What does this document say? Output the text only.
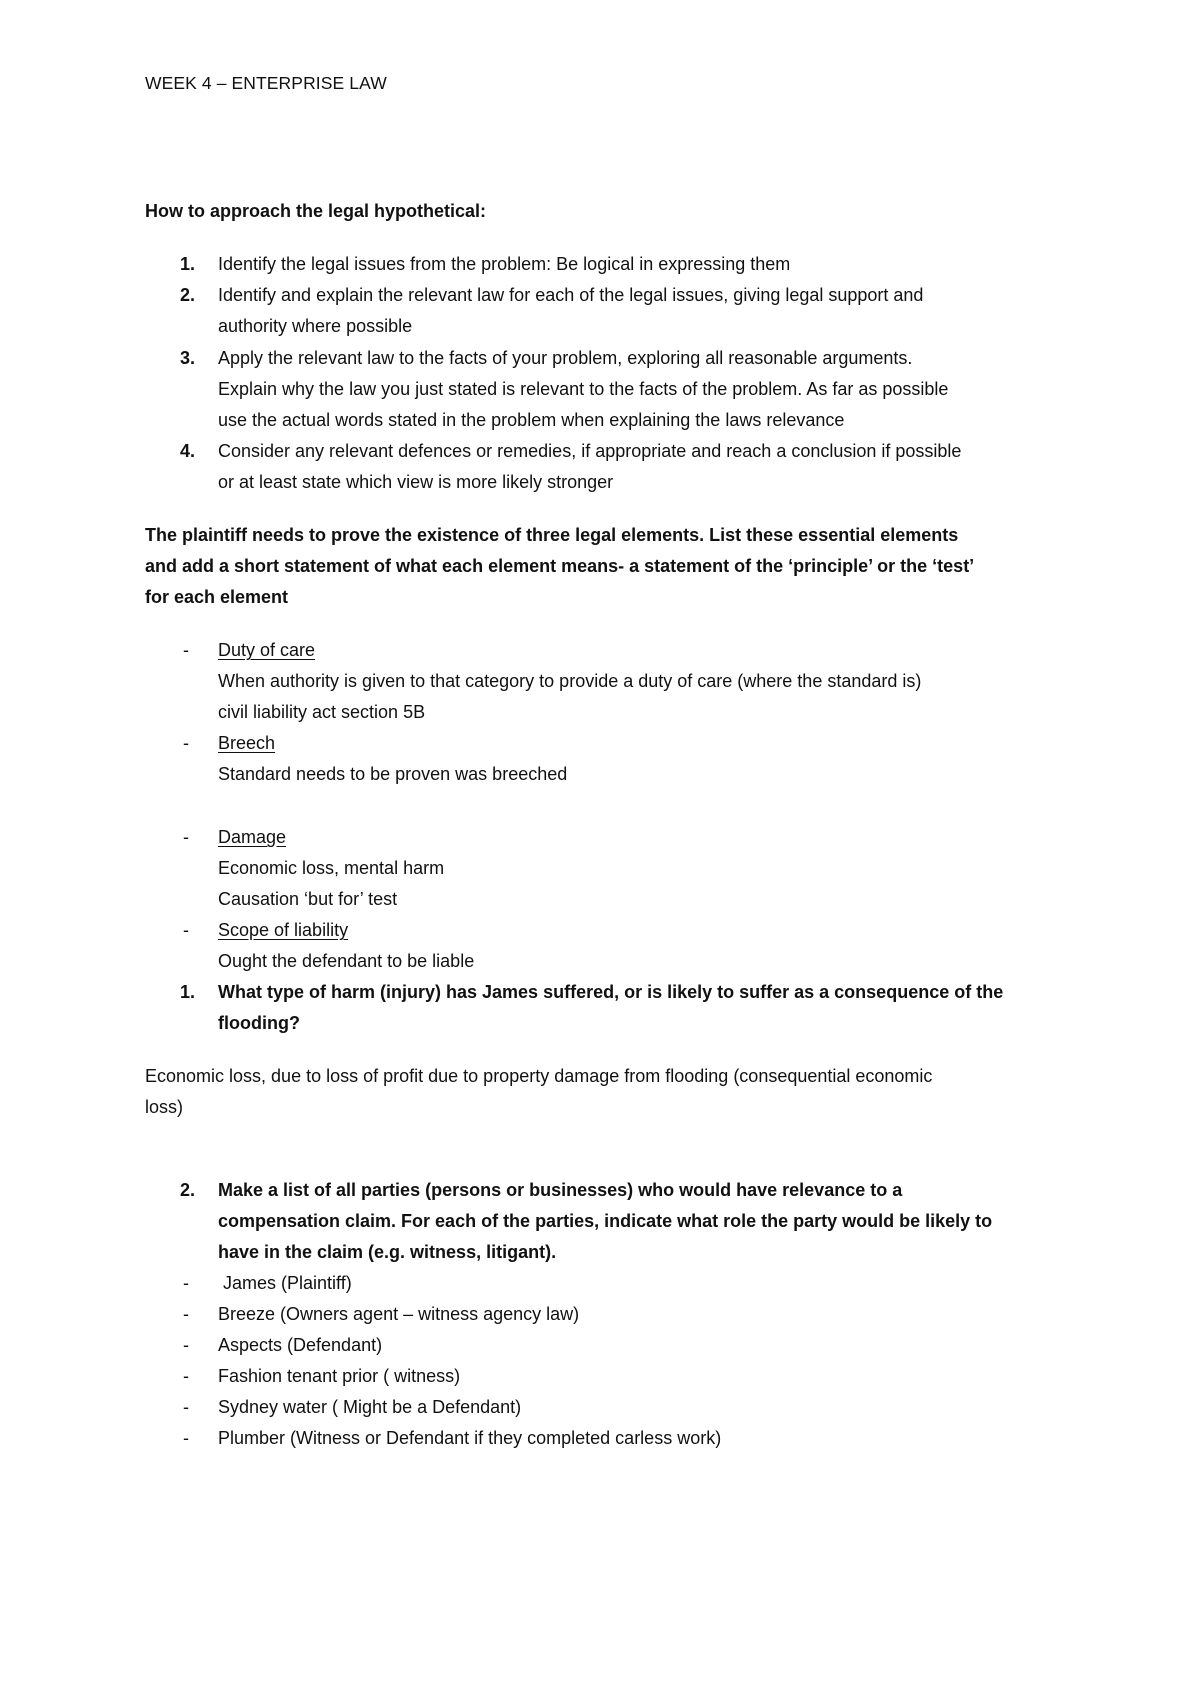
WEEK 4 – ENTERPRISE LAW
How to approach the legal hypothetical:
1.	Identify the legal issues from the problem: Be logical in expressing them
2.	Identify and explain the relevant law for each of the legal issues, giving legal support and
authority where possible
3.	Apply the relevant law to the facts of your problem, exploring all reasonable arguments.
Explain why the law you just stated is relevant to the facts of the problem. As far as possible
use the actual words stated in the problem when explaining the laws relevance
4.	Consider any relevant defences or remedies, if appropriate and reach a conclusion if possible
or at least state which view is more likely stronger
The plaintiff needs to prove the existence of three legal elements. List these essential elements
and add a short statement of what each element means- a statement of the ‘principle’ or the ‘test’
for each element
- Duty of care
When authority is given to that category to provide a duty of care (where the standard is)
civil liability act section 5B
- Breech
Standard needs to be proven was breeched
- Damage
Economic loss, mental harm
Causation ‘but for’ test
- Scope of liability
Ought the defendant to be liable
1.	What type of harm (injury) has James suffered, or is likely to suffer as a consequence of the
flooding?
Economic loss, due to loss of profit due to property damage from flooding (consequential economic
loss)
2.	Make a list of all parties (persons or businesses) who would have relevance to a
compensation claim. For each of the parties, indicate what role the party would be likely to
have in the claim (e.g. witness, litigant).
- James (Plaintiff)
- Breeze (Owners agent – witness agency law)
- Aspects (Defendant)
- Fashion tenant prior ( witness)
- Sydney water ( Might be a Defendant)
- Plumber (Witness or Defendant if they completed carless work)
